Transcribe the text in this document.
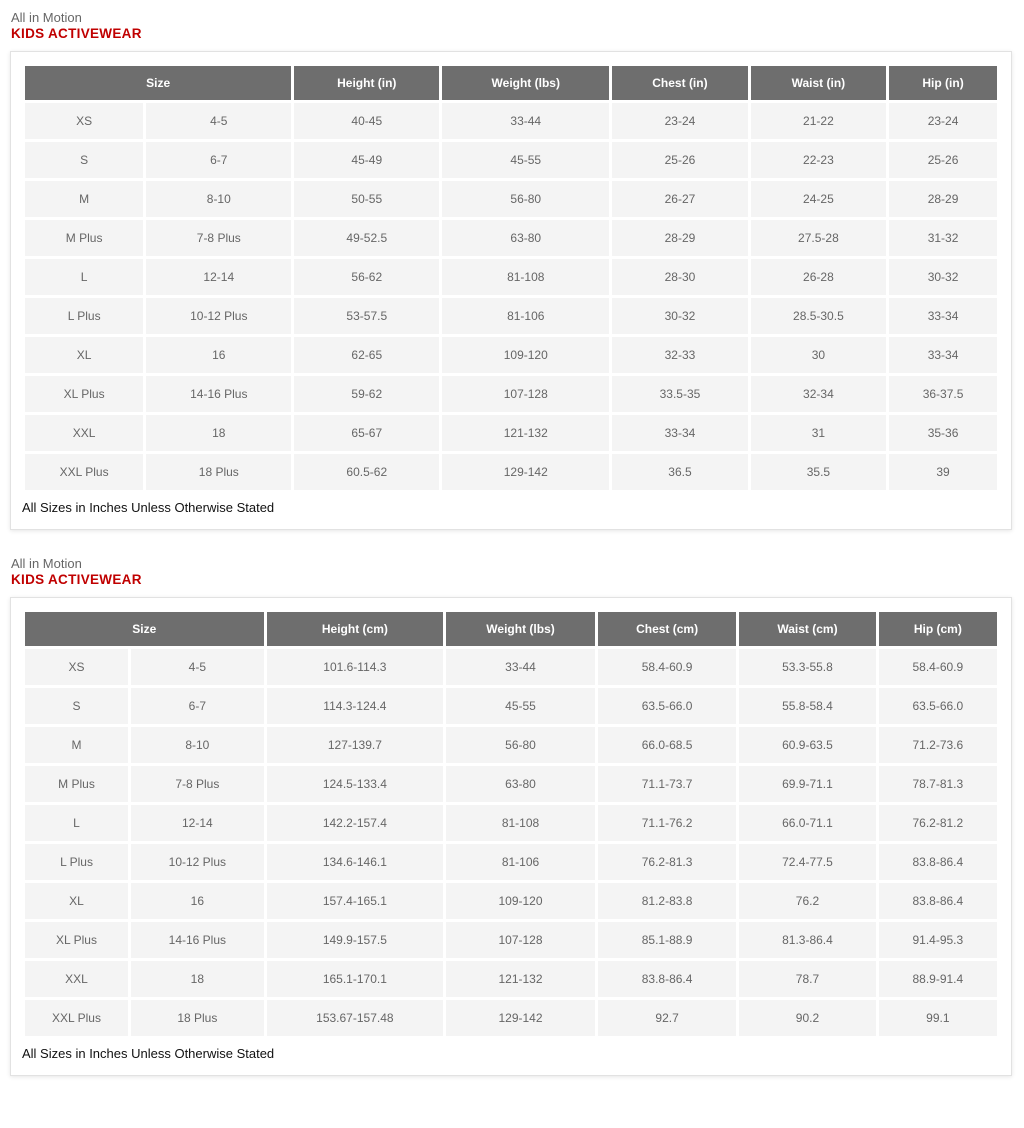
All in Motion
KIDS ACTIVEWEAR
Size		Height (in)	Weight (lbs)	Chest (in)	Waist (in)	Hip (in)
XS	4-5	40-45	33-44	23-24	21-22	23-24
S	6-7	45-49	45-55	25-26	22-23	25-26
M	8-10	50-55	56-80	26-27	24-25	28-29
M Plus	7-8 Plus	49-52.5	63-80	28-29	27.5-28	31-32
L	12-14	56-62	81-108	28-30	26-28	30-32
L Plus	10-12 Plus	53-57.5	81-106	30-32	28.5-30.5	33-34
XL	16	62-65	109-120	32-33	30	33-34
XL Plus	14-16 Plus	59-62	107-128	33.5-35	32-34	36-37.5
XXL	18	65-67	121-132	33-34	31	35-36
XXL Plus	18 Plus	60.5-62	129-142	36.5	35.5	39
All Sizes in Inches Unless Otherwise Stated
All in Motion
KIDS ACTIVEWEAR
Size		Height (cm)	Weight (lbs)	Chest (cm)	Waist (cm)	Hip (cm)
XS	4-5	101.6-114.3	33-44	58.4-60.9	53.3-55.8	58.4-60.9
S	6-7	114.3-124.4	45-55	63.5-66.0	55.8-58.4	63.5-66.0
M	8-10	127-139.7	56-80	66.0-68.5	60.9-63.5	71.2-73.6
M Plus	7-8 Plus	124.5-133.4	63-80	71.1-73.7	69.9-71.1	78.7-81.3
L	12-14	142.2-157.4	81-108	71.1-76.2	66.0-71.1	76.2-81.2
L Plus	10-12 Plus	134.6-146.1	81-106	76.2-81.3	72.4-77.5	83.8-86.4
XL	16	157.4-165.1	109-120	81.2-83.8	76.2	83.8-86.4
XL Plus	14-16 Plus	149.9-157.5	107-128	85.1-88.9	81.3-86.4	91.4-95.3
XXL	18	165.1-170.1	121-132	83.8-86.4	78.7	88.9-91.4
XXL Plus	18 Plus	153.67-157.48	129-142	92.7	90.2	99.1
All Sizes in Inches Unless Otherwise Stated
